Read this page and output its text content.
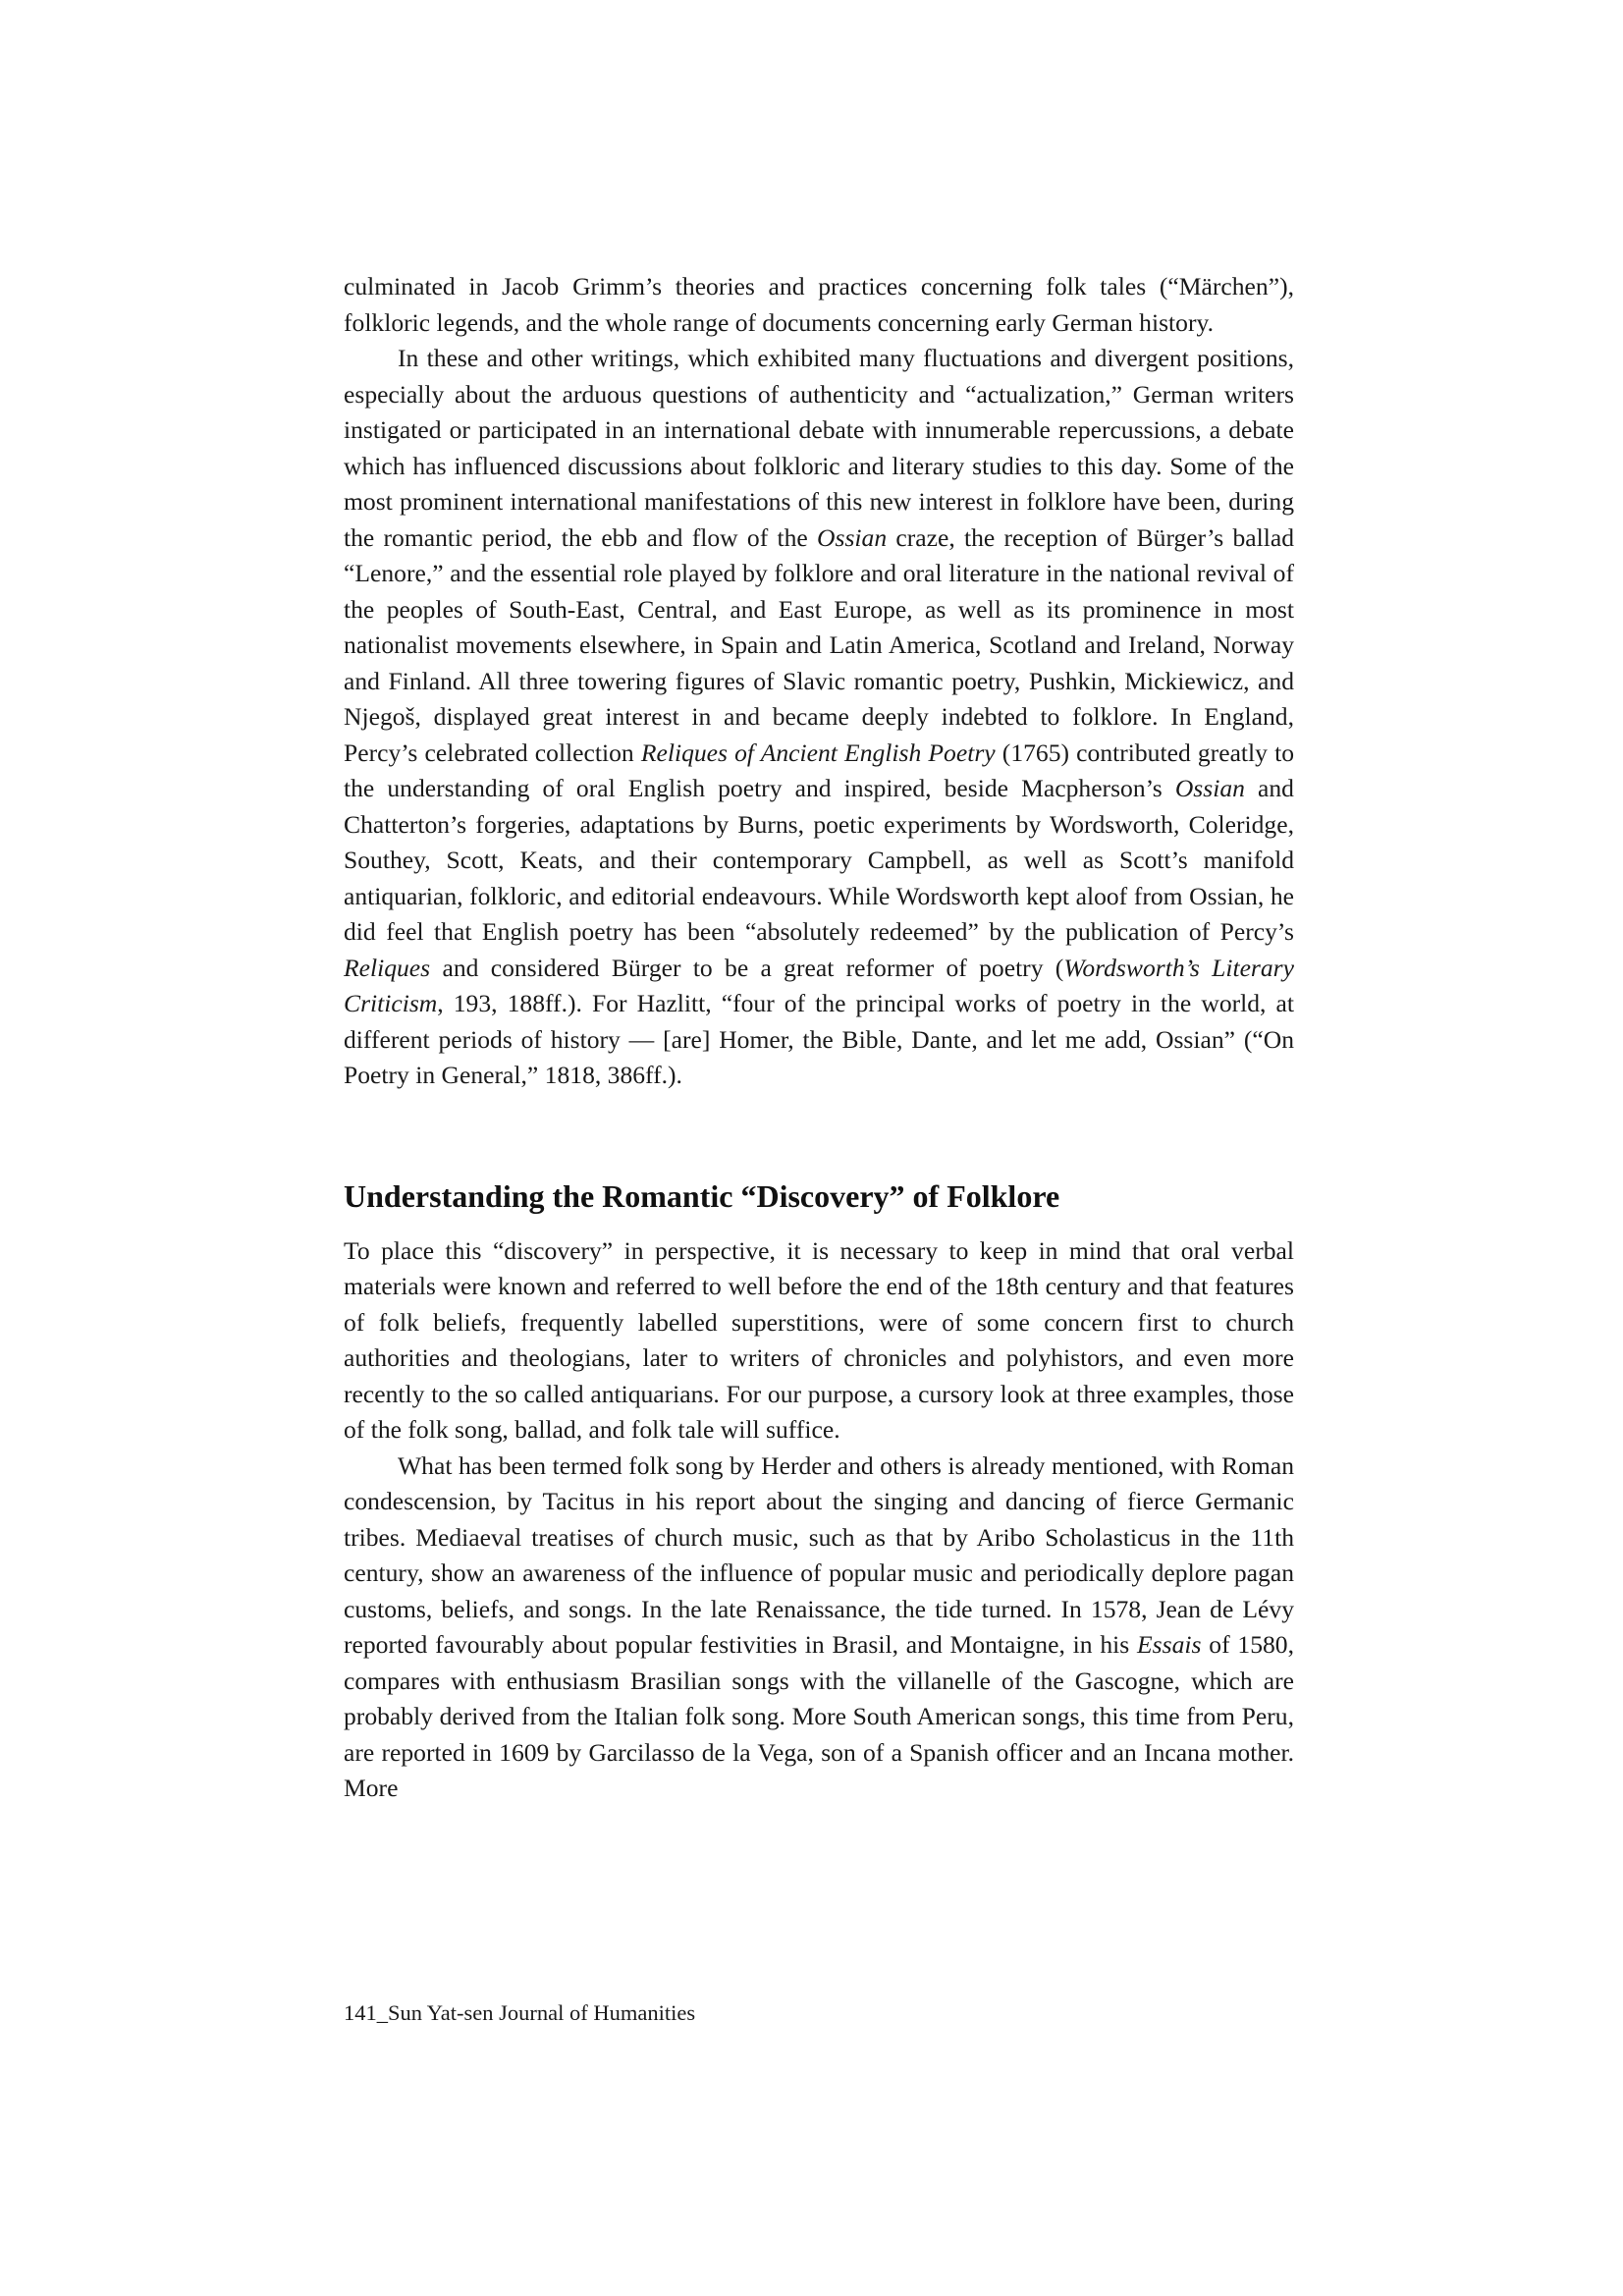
culminated in Jacob Grimm’s theories and practices concerning folk tales (“Märchen”), folkloric legends, and the whole range of documents concerning early German history.

In these and other writings, which exhibited many fluctuations and divergent positions, especially about the arduous questions of authenticity and “actualization,” German writers instigated or participated in an international debate with innumerable repercussions, a debate which has influenced discussions about folkloric and literary studies to this day. Some of the most prominent international manifestations of this new interest in folklore have been, during the romantic period, the ebb and flow of the Ossian craze, the reception of Bürger’s ballad “Lenore,” and the essential role played by folklore and oral literature in the national revival of the peoples of South-East, Central, and East Europe, as well as its prominence in most nationalist movements elsewhere, in Spain and Latin America, Scotland and Ireland, Norway and Finland. All three towering figures of Slavic romantic poetry, Pushkin, Mickiewicz, and Njegoš, displayed great interest in and became deeply indebted to folklore. In England, Percy’s celebrated collection Reliques of Ancient English Poetry (1765) contributed greatly to the understanding of oral English poetry and inspired, beside Macpherson’s Ossian and Chatterton’s forgeries, adaptations by Burns, poetic experiments by Wordsworth, Coleridge, Southey, Scott, Keats, and their contemporary Campbell, as well as Scott’s manifold antiquarian, folkloric, and editorial endeavours. While Wordsworth kept aloof from Ossian, he did feel that English poetry has been “absolutely redeemed” by the publication of Percy’s Reliques and considered Bürger to be a great reformer of poetry (Wordsworth’s Literary Criticism, 193, 188ff.). For Hazlitt, “four of the principal works of poetry in the world, at different periods of history — [are] Homer, the Bible, Dante, and let me add, Ossian” (“On Poetry in General,” 1818, 386ff.).

Understanding the Romantic “Discovery” of Folklore

To place this “discovery” in perspective, it is necessary to keep in mind that oral verbal materials were known and referred to well before the end of the 18th century and that features of folk beliefs, frequently labelled superstitions, were of some concern first to church authorities and theologians, later to writers of chronicles and polyhistors, and even more recently to the so called antiquarians. For our purpose, a cursory look at three examples, those of the folk song, ballad, and folk tale will suffice.

What has been termed folk song by Herder and others is already mentioned, with Roman condescension, by Tacitus in his report about the singing and dancing of fierce Germanic tribes. Mediaeval treatises of church music, such as that by Aribo Scholasticus in the 11th century, show an awareness of the influence of popular music and periodically deplore pagan customs, beliefs, and songs. In the late Renaissance, the tide turned. In 1578, Jean de Lévy reported favourably about popular festivities in Brasil, and Montaigne, in his Essais of 1580, compares with enthusiasm Brasilian songs with the villanelle of the Gascogne, which are probably derived from the Italian folk song. More South American songs, this time from Peru, are reported in 1609 by Garcilasso de la Vega, son of a Spanish officer and an Incana mother. More

141_Sun Yat-sen Journal of Humanities
